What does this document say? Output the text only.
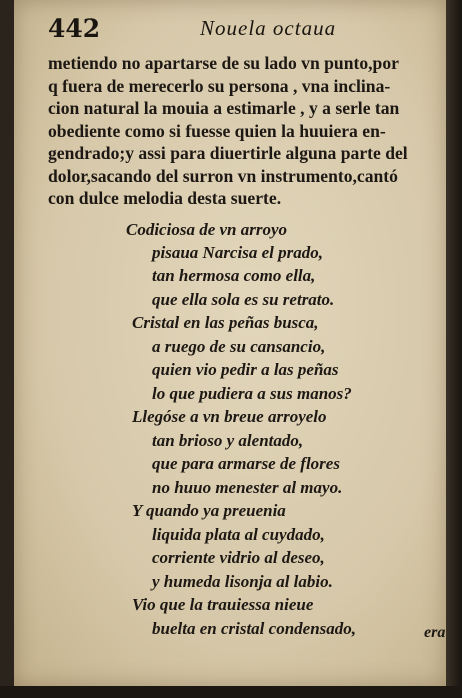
442	Nouela octaua
metiendo no apartarse de su lado vn punto,por
q fuera de merecerlo su persona , vna inclina-
cion natural la mouia a estimarle , y a serle tan
obediente como si fuesse quien la huuiera en-
gendrado;y assi para diuertirle alguna parte del
dolor,sacando del surron vn instrumento,cantó
con dulce melodia desta suerte.
Codiciosa de vn arroyo
pisaua Narcisa el prado,
tan hermosa como ella,
que ella sola es su retrato.
Cristal en las peñas busca,
a ruego de su cansancio,
quien vio pedir a las peñas
lo que pudiera a sus manos?
Llegóse a vn breue arroyelo
tan brioso y alentado,
que para armarse de flores
no huuo menester al mayo.
Y quando ya preuenia
liquida plata al cuydado,
corriente vidrio al deseo,
y humeda lisonja al labio.
Vio que la trauiessa nieue
buelta en cristal condensado,	era
